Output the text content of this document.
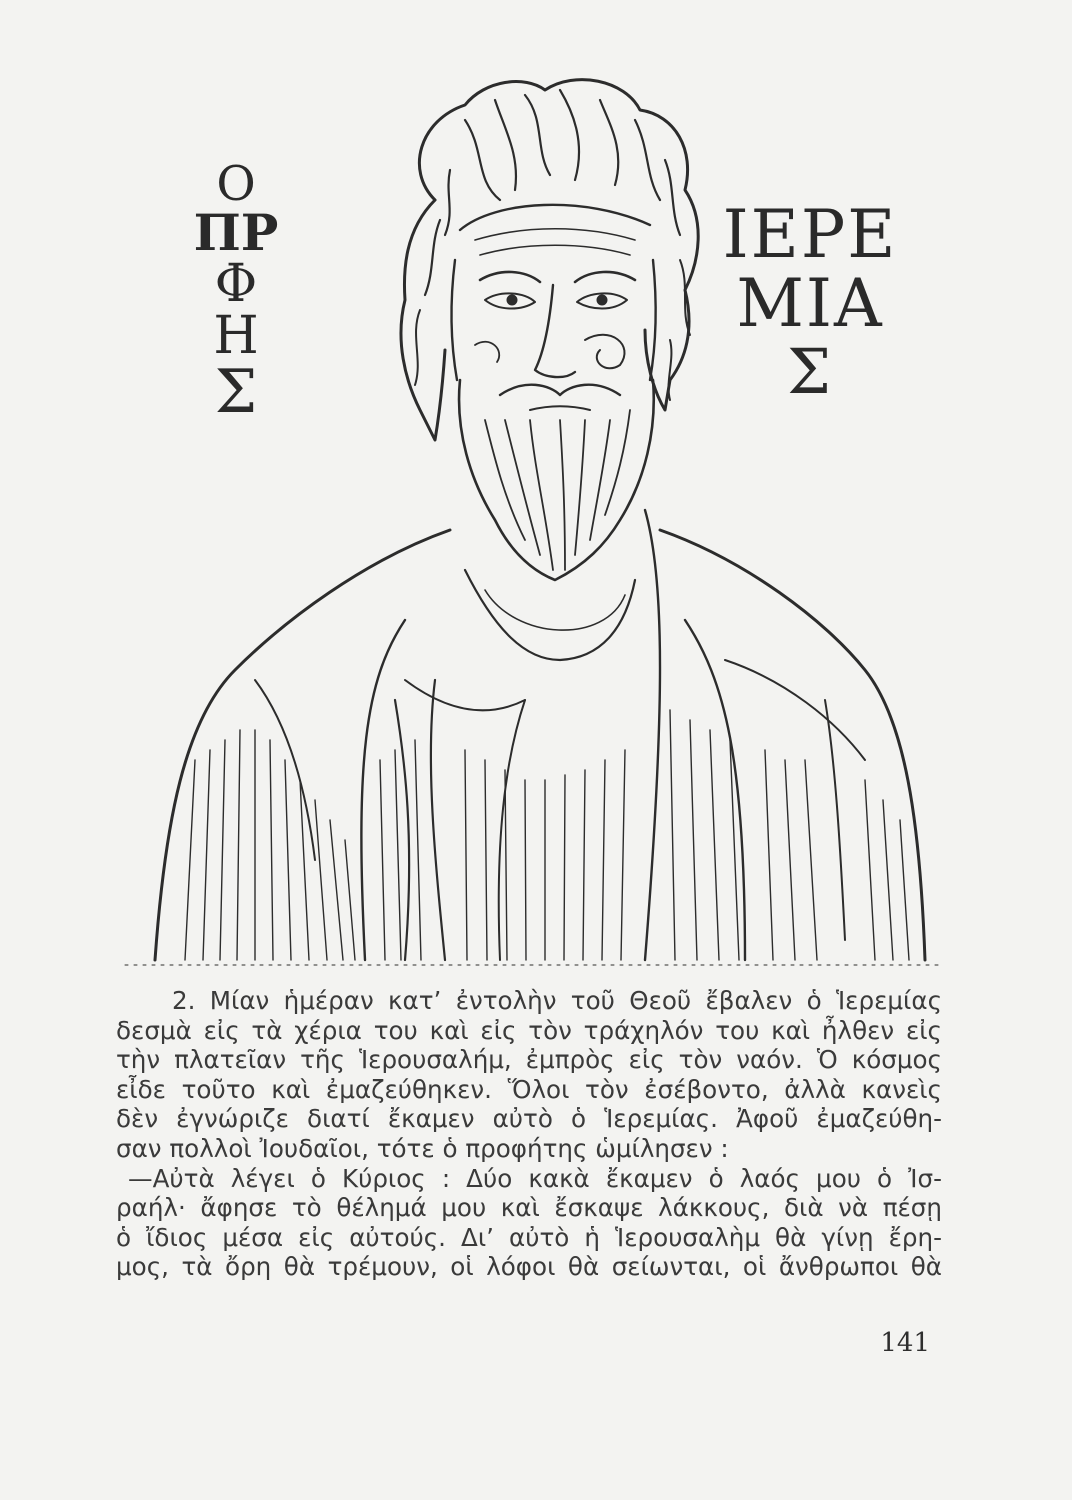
Ο
ΠΡ
Φ
Η
Σ
ΙΕΡΕ
ΜΙΑ
Σ
2. Μίαν ἡμέραν κατ’ ἐντολὴν τοῦ Θεοῦ ἔβαλεν ὁ Ἱερεμίας
δεσμὰ εἰς τὰ χέρια του καὶ εἰς τὸν τράχηλόν του καὶ ἦλθεν εἰς
τὴν πλατεῖαν τῆς Ἱερουσαλήμ, ἐμπρὸς εἰς τὸν ναόν. Ὁ κόσμος
εἶδε τοῦτο καὶ ἐμαζεύθηκεν. Ὅλοι τὸν ἐσέβοντο, ἀλλὰ κανεὶς
δὲν ἐγνώριζε διατί ἔκαμεν αὐτὸ ὁ Ἱερεμίας. Ἀφοῦ ἐμαζεύθη-
σαν πολλοὶ Ἰουδαῖοι, τότε ὁ προφήτης ὡμίλησεν :
—Αὐτὰ λέγει ὁ Κύριος : Δύο κακὰ ἔκαμεν ὁ λαός μου ὁ Ἰσ-
ραήλ· ἄφησε τὸ θέλημά μου καὶ ἔσκαψε λάκκους, διὰ νὰ πέσῃ
ὁ ἴδιος μέσα εἰς αὐτούς. Δι’ αὐτὸ ἡ Ἱερουσαλὴμ θὰ γίνῃ ἔρη-
μος, τὰ ὄρη θὰ τρέμουν, οἱ λόφοι θὰ σείωνται, οἱ ἄνθρωποι θὰ
141
